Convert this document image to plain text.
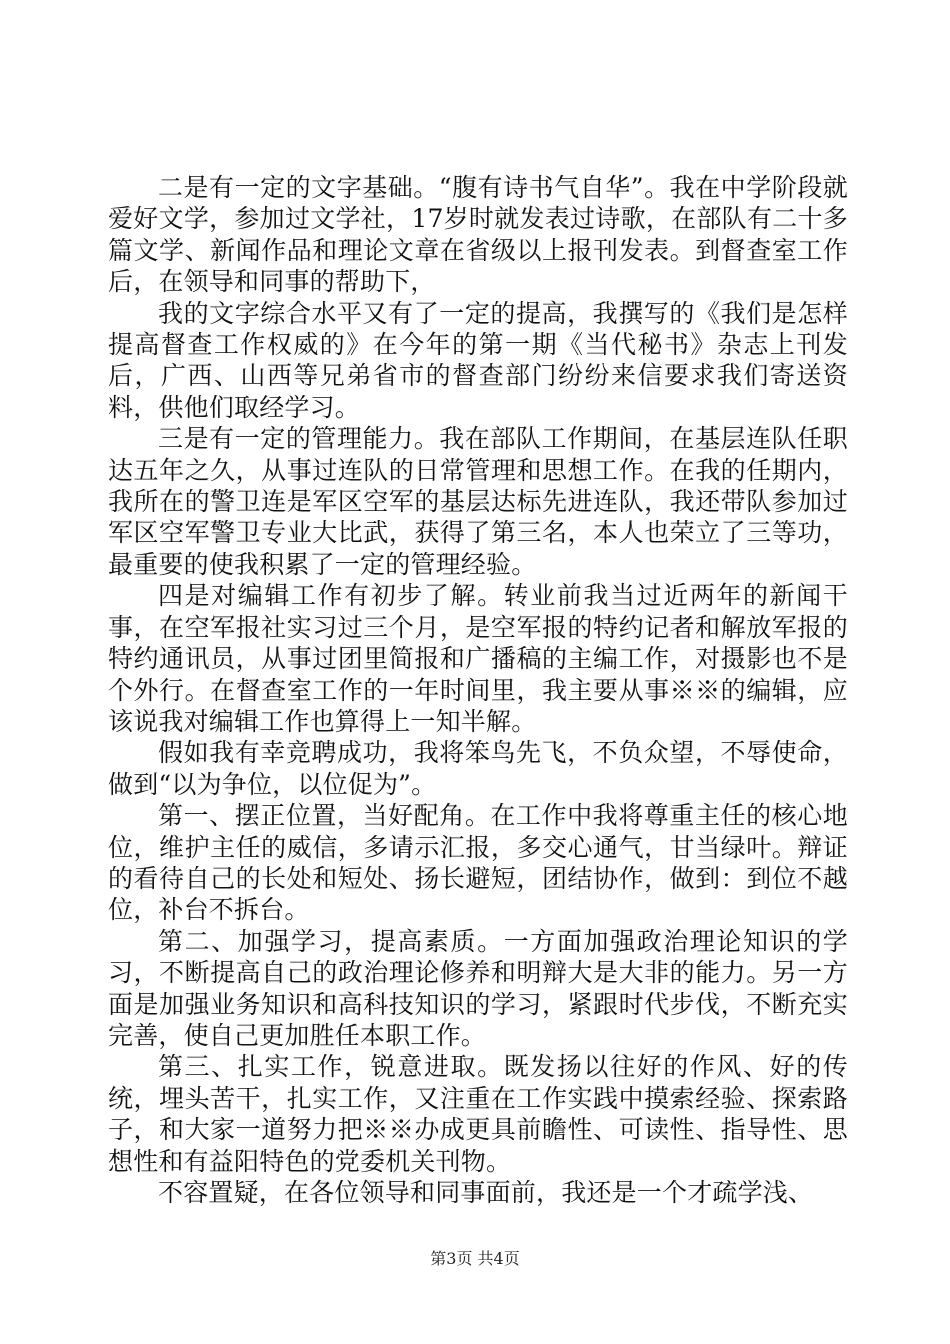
二是有一定的文字基础。“腹有诗书气自华”。我在中学阶段就爱好文学，参加过文学社，17岁时就发表过诗歌，在部队有二十多篇文学、新闻作品和理论文章在省级以上报刊发表。到督查室工作后，在领导和同事的帮助下，

我的文字综合水平又有了一定的提高，我撰写的《我们是怎样提高督查工作权威的》在今年的第一期《当代秘书》杂志上刊发后，广西、山西等兄弟省市的督查部门纷纷来信要求我们寄送资料，供他们取经学习。

三是有一定的管理能力。我在部队工作期间，在基层连队任职达五年之久，从事过连队的日常管理和思想工作。在我的任期内，我所在的警卫连是军区空军的基层达标先进连队，我还带队参加过军区空军警卫专业大比武，获得了第三名，本人也荣立了三等功，最重要的使我积累了一定的管理经验。

四是对编辑工作有初步了解。转业前我当过近两年的新闻干事，在空军报社实习过三个月，是空军报的特约记者和解放军报的特约通讯员，从事过团里简报和广播稿的主编工作，对摄影也不是个外行。在督查室工作的一年时间里，我主要从事※※的编辑，应该说我对编辑工作也算得上一知半解。

假如我有幸竞聘成功，我将笨鸟先飞，不负众望，不辱使命，做到“以为争位，以位促为”。

第一、摆正位置，当好配角。在工作中我将尊重主任的核心地位，维护主任的威信，多请示汇报，多交心通气，甘当绿叶。辩证的看待自己的长处和短处、扬长避短，团结协作，做到：到位不越位，补台不拆台。

第二、加强学习，提高素质。一方面加强政治理论知识的学习，不断提高自己的政治理论修养和明辩大是大非的能力。另一方面是加强业务知识和高科技知识的学习，紧跟时代步伐，不断充实完善，使自己更加胜任本职工作。

第三、扎实工作，锐意进取。既发扬以往好的作风、好的传统，埋头苦干，扎实工作，又注重在工作实践中摸索经验、探索路子，和大家一道努力把※※办成更具前瞻性、可读性、指导性、思想性和有益阳特色的党委机关刊物。

不容置疑，在各位领导和同事面前，我还是一个才疏学浅、

第3页 共4页
